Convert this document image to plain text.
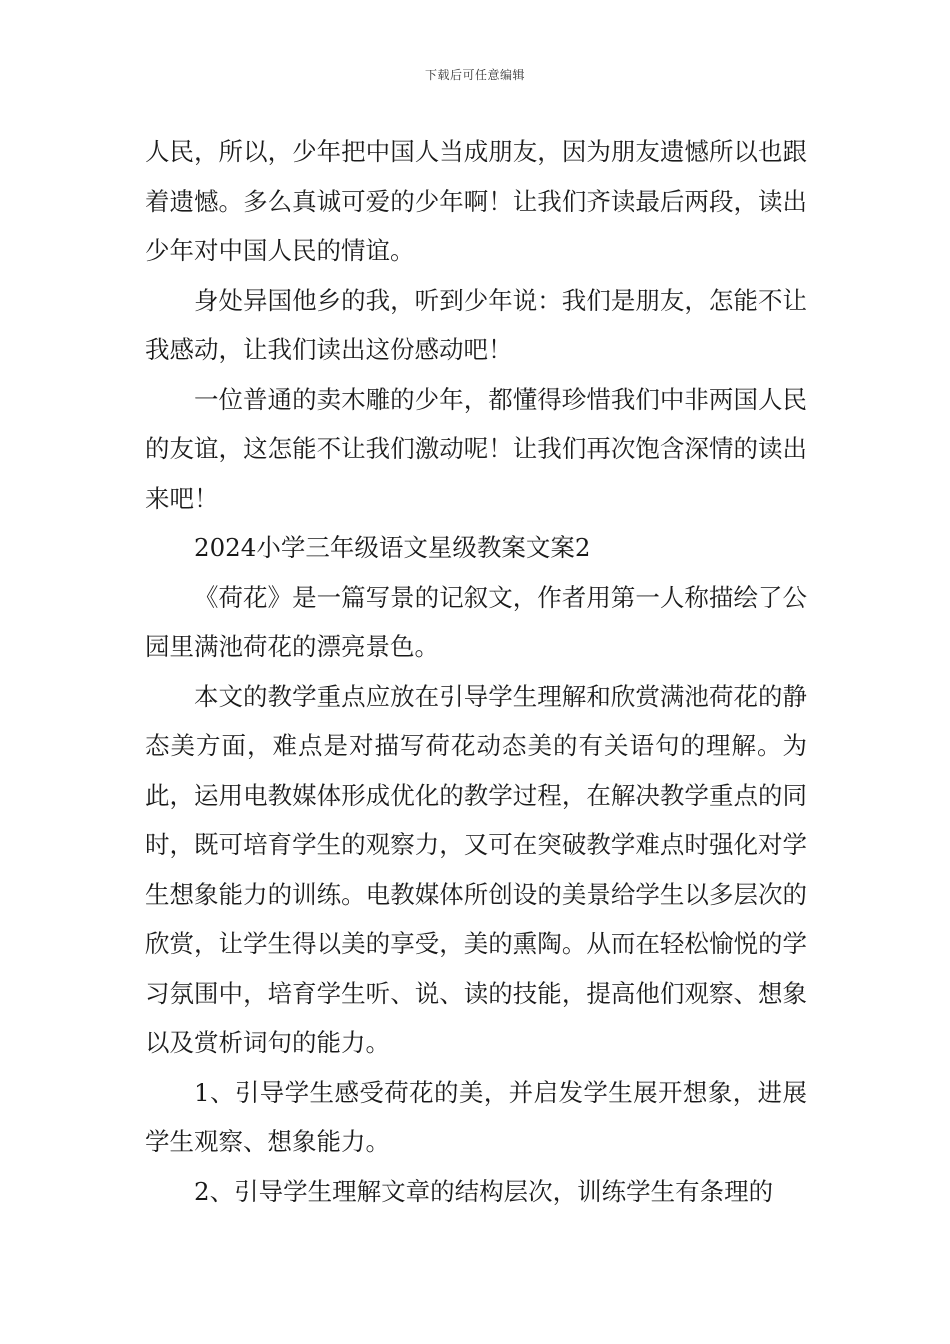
下载后可任意编辑

人民，所以，少年把中国人当成朋友，因为朋友遗憾所以也跟着遗憾。多么真诚可爱的少年啊！让我们齐读最后两段，读出少年对中国人民的情谊。

身处异国他乡的我，听到少年说：我们是朋友，怎能不让我感动，让我们读出这份感动吧！

一位普通的卖木雕的少年，都懂得珍惜我们中非两国人民的友谊，这怎能不让我们激动呢！让我们再次饱含深情的读出来吧！

2024小学三年级语文星级教案文案2

《荷花》是一篇写景的记叙文，作者用第一人称描绘了公园里满池荷花的漂亮景色。

本文的教学重点应放在引导学生理解和欣赏满池荷花的静态美方面，难点是对描写荷花动态美的有关语句的理解。为此，运用电教媒体形成优化的教学过程，在解决教学重点的同时，既可培育学生的观察力，又可在突破教学难点时强化对学生想象能力的训练。电教媒体所创设的美景给学生以多层次的欣赏，让学生得以美的享受，美的熏陶。从而在轻松愉悦的学习氛围中，培育学生听、说、读的技能，提高他们观察、想象以及赏析词句的能力。

1、引导学生感受荷花的美，并启发学生展开想象，进展学生观察、想象能力。

2、引导学生理解文章的结构层次，训练学生有条理的
